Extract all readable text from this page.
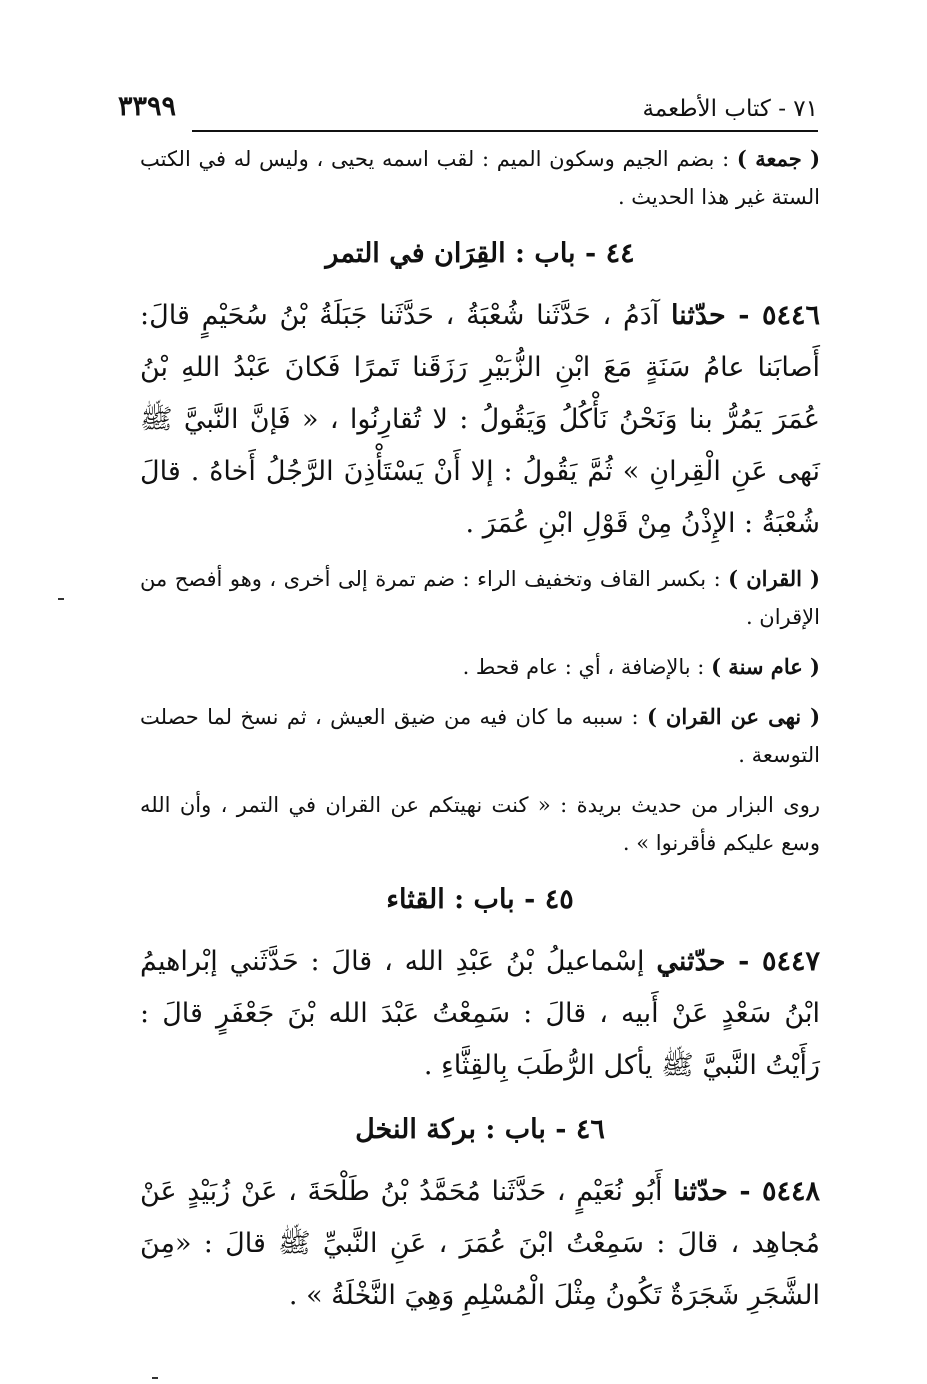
٧١ - كتاب الأطعمة
٣٣٩٩

( جمعة ) : بضم الجيم وسكون الميم : لقب اسمه يحيى ، وليس له في الكتب الستة غير هذا الحديث .

٤٤ - باب : القِرَان في التمر

٥٤٤٦ - حدّثنا آدَمُ ، حَدَّثَنا شُعْبَةُ ، حَدَّثَنا جَبَلَةُ بْنُ سُحَيْمٍ قالَ: أَصابَنا عامُ سَنَةٍ مَعَ ابْنِ الزُّبَيْرِ رَزَقَنا تَمرًا فَكانَ عَبْدُ اللهِ بْنُ عُمَرَ يَمُرُّ بنا وَنَحْنُ نَأْكُلُ وَيَقُولُ : لا تُقارِنُوا ، « فَإنَّ النَّبيَّ ﷺ نَهى عَنِ الْقِرانِ » ثُمَّ يَقُولُ : إلا أَنْ يَسْتَأْذِنَ الرَّجُلُ أَخاهُ . قالَ شُعْبَةُ : الإِذْنُ مِنْ قَوْلِ ابْنِ عُمَرَ .

( القران ) : بكسر القاف وتخفيف الراء : ضم تمرة إلى أخرى ، وهو أفصح من الإقران .

( عام سنة ) : بالإضافة ، أي : عام قحط .

( نهى عن القران ) : سببه ما كان فيه من ضيق العيش ، ثم نسخ لما حصلت التوسعة .

روى البزار من حديث بريدة : « كنت نهيتكم عن القران في التمر ، وأن الله وسع عليكم فأقرنوا » .

٤٥ - باب : القثاء

٥٤٤٧ - حدّثني إسْماعيلُ بْنُ عَبْدِ الله ، قالَ : حَدَّثَني إبْراهيمُ ابْنُ سَعْدٍ عَنْ أَبيه ، قالَ : سَمِعْتُ عَبْدَ الله بْنَ جَعْفَرٍ قالَ : رَأَيْتُ النَّبيَّ ﷺ يأكل الرُّطَبَ بِالقِثَّاءِ .

٤٦ - باب : بركة النخل

٥٤٤٨ - حدّثنا أَبُو نُعَيْمٍ ، حَدَّثَنا مُحَمَّدُ بْنُ طَلْحَةَ ، عَنْ زُبَيْدٍ عَنْ مُجاهِد ، قالَ : سَمِعْتُ ابْنَ عُمَرَ ، عَنِ النَّبيِّ ﷺ قالَ : «مِنَ الشَّجَرِ شَجَرَةٌ تَكُونُ مِثْلَ الْمُسْلِمِ وَهِيَ النَّخْلَةُ » .
